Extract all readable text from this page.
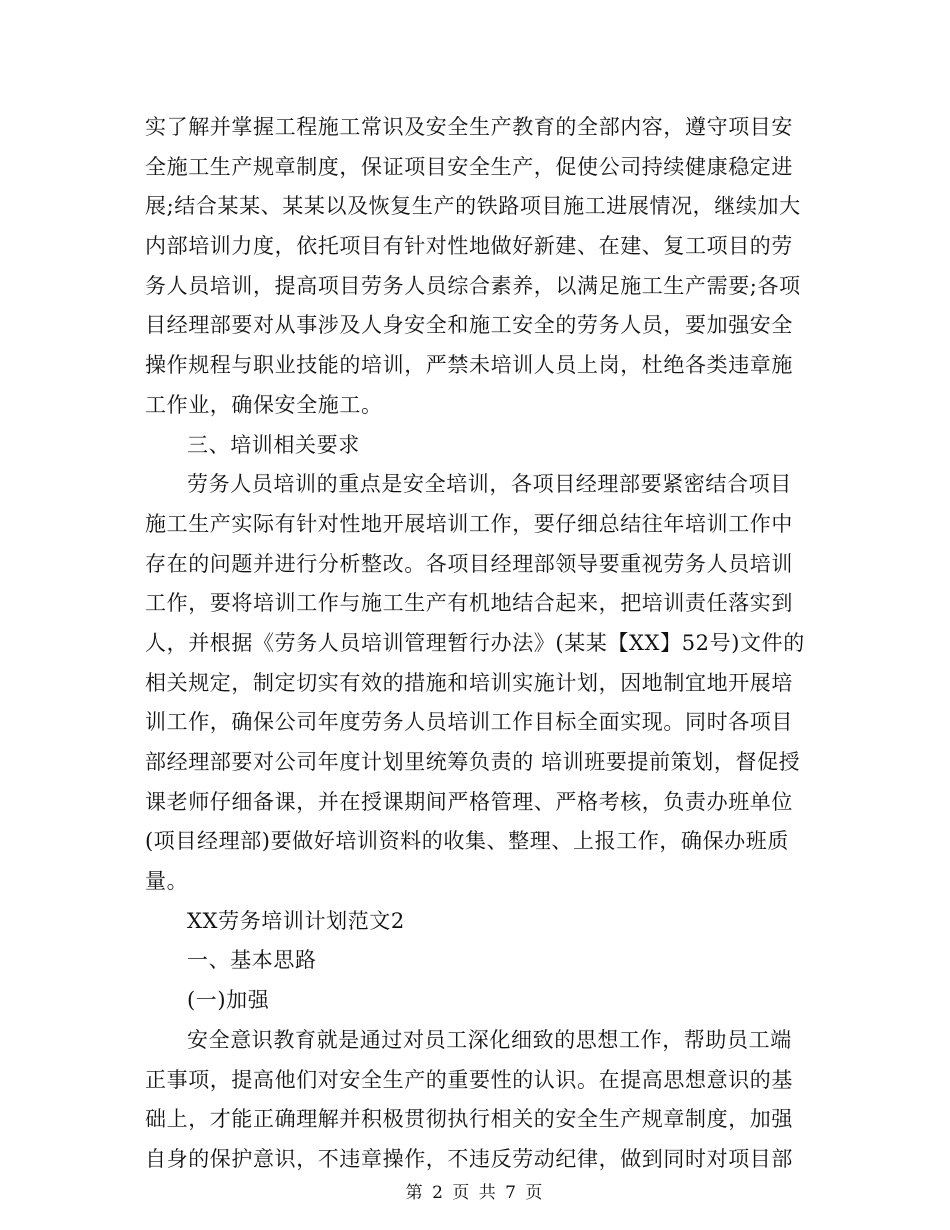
实了解并掌握工程施工常识及安全生产教育的全部内容，遵守项目安
全施工生产规章制度，保证项目安全生产，促使公司持续健康稳定进
展;结合某某、某某以及恢复生产的铁路项目施工进展情况，继续加大
内部培训力度，依托项目有针对性地做好新建、在建、复工项目的劳
务人员培训，提高项目劳务人员综合素养，以满足施工生产需要;各项
目经理部要对从事涉及人身安全和施工安全的劳务人员，要加强安全
操作规程与职业技能的培训，严禁未培训人员上岗，杜绝各类违章施
工作业，确保安全施工。
三、培训相关要求
劳务人员培训的重点是安全培训，各项目经理部要紧密结合项目
施工生产实际有针对性地开展培训工作，要仔细总结往年培训工作中
存在的问题并进行分析整改。各项目经理部领导要重视劳务人员培训
工作，要将培训工作与施工生产有机地结合起来，把培训责任落实到
人，并根据《劳务人员培训管理暂行办法》(某某【XX】52号)文件的
相关规定，制定切实有效的措施和培训实施计划，因地制宜地开展培
训工作，确保公司年度劳务人员培训工作目标全面实现。同时各项目
部经理部要对公司年度计划里统筹负责的 培训班要提前策划，督促授
课老师仔细备课，并在授课期间严格管理、严格考核，负责办班单位
(项目经理部)要做好培训资料的收集、整理、上报工作，确保办班质
量。
XX劳务培训计划范文2
一、基本思路
(一)加强
安全意识教育就是通过对员工深化细致的思想工作，帮助员工端
正事项，提高他们对安全生产的重要性的认识。在提高思想意识的基
础上，才能正确理解并积极贯彻执行相关的安全生产规章制度，加强
自身的保护意识，不违章操作，不违反劳动纪律，做到同时对项目部
第 2 页 共 7 页
